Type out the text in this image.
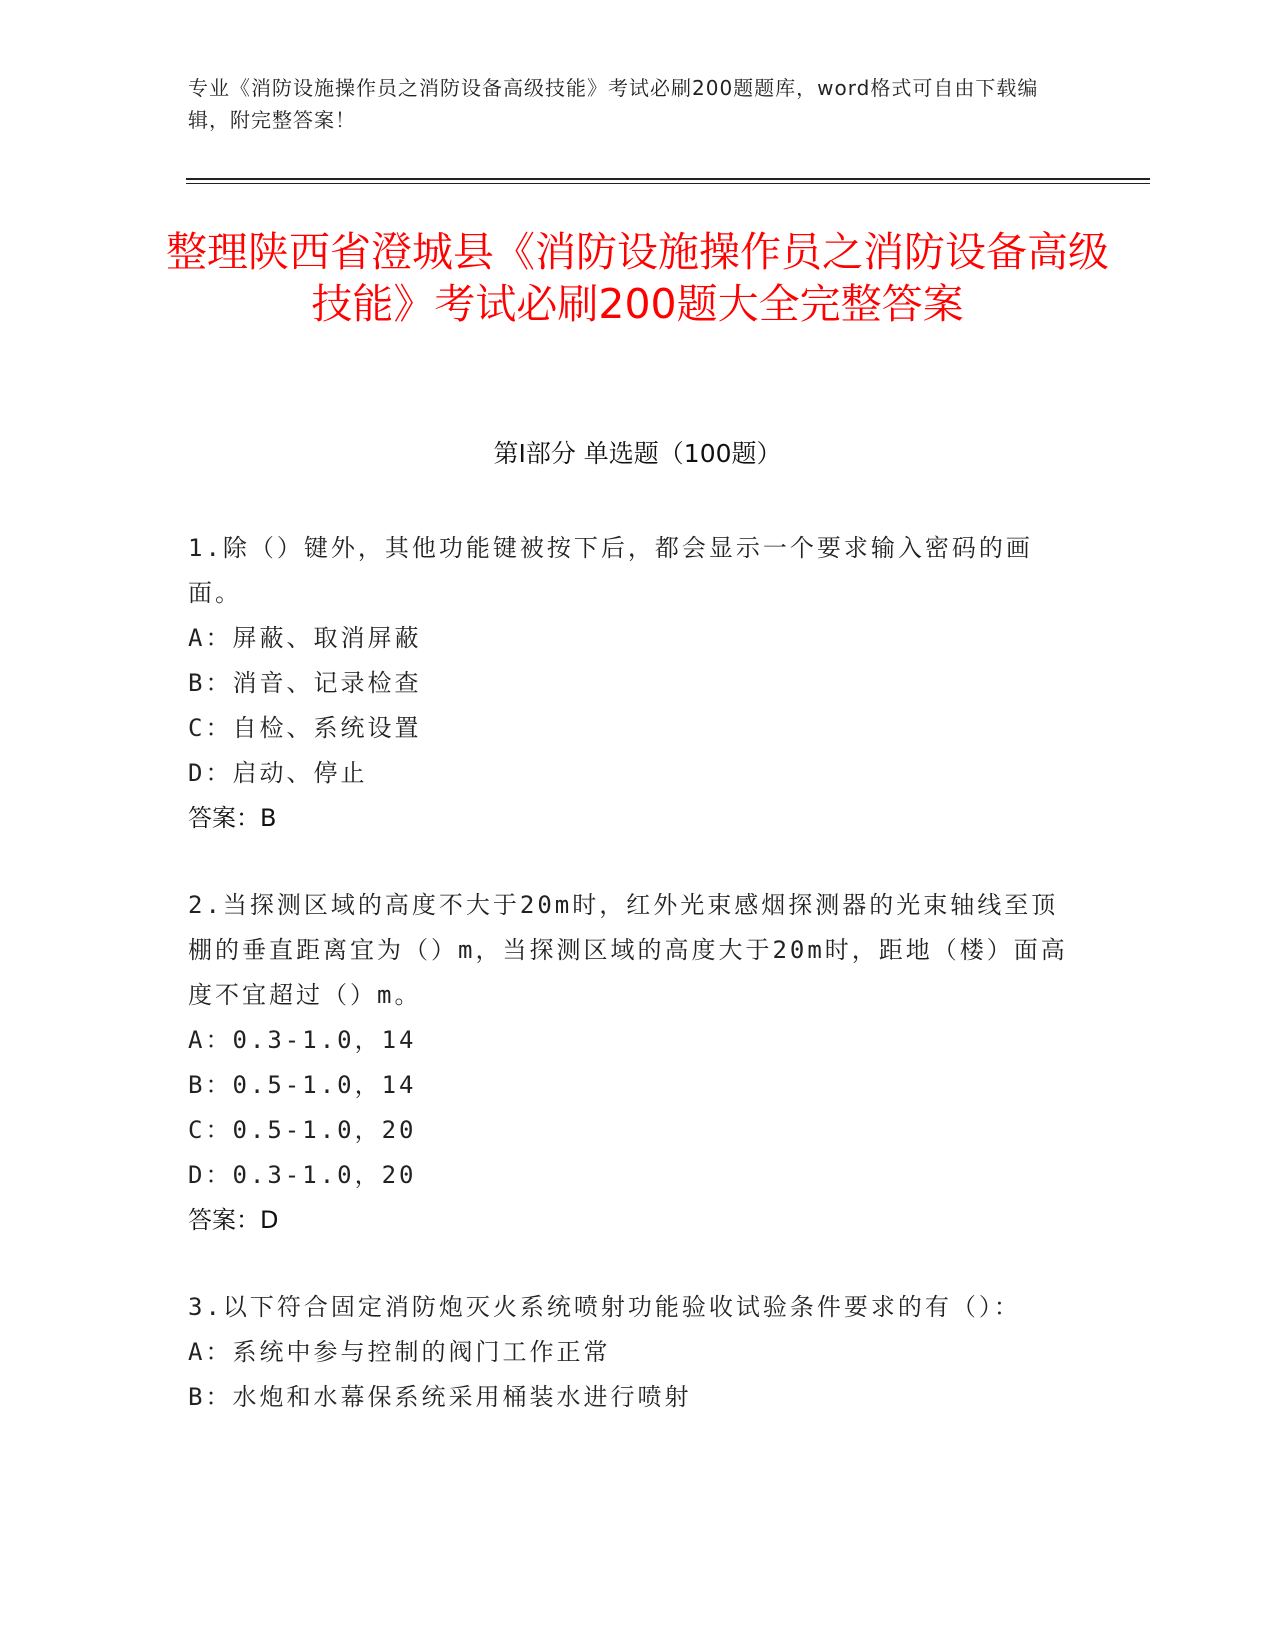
专业《消防设施操作员之消防设备高级技能》考试必刷200题题库，word格式可自由下载编辑，附完整答案！
整理陕西省澄城县《消防设施操作员之消防设备高级技能》考试必刷200题大全完整答案
第Ⅰ部分 单选题（100题）

1.除（）键外，其他功能键被按下后，都会显示一个要求输入密码的画面。

A：屏蔽、取消屏蔽

B：消音、记录检查

C：自检、系统设置

D：启动、停止

答案：B

2.当探测区域的高度不大于20m时，红外光束感烟探测器的光束轴线至顶棚的垂直距离宜为（）m，当探测区域的高度大于20m时，距地（楼）面高度不宜超过（）m。

A：0.3-1.0，14

B：0.5-1.0，14

C：0.5-1.0，20

D：0.3-1.0，20

答案：D

3.以下符合固定消防炮灭火系统喷射功能验收试验条件要求的有（）：

A：系统中参与控制的阀门工作正常

B：水炮和水幕保系统采用桶装水进行喷射
